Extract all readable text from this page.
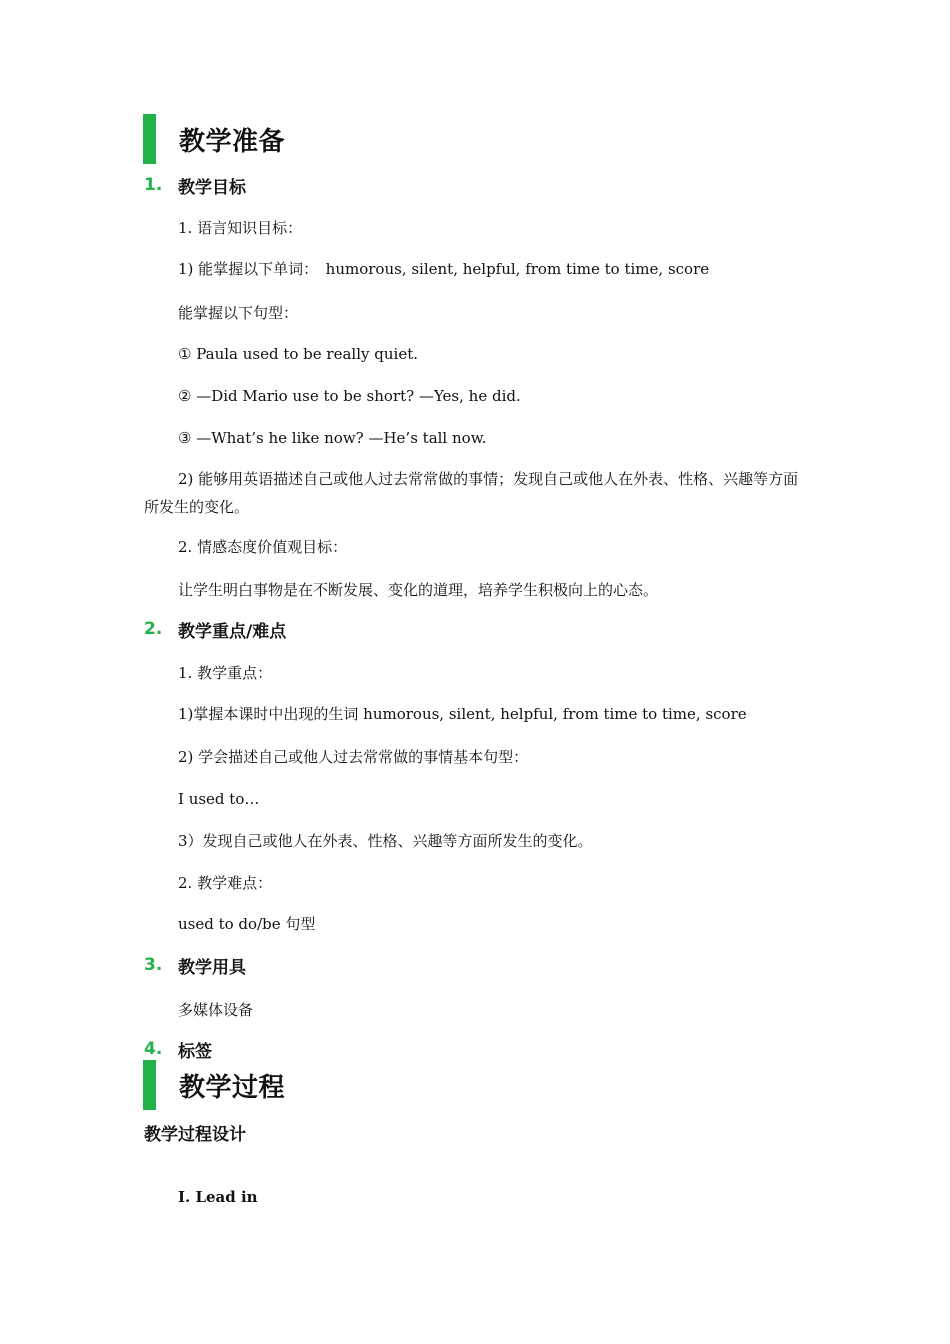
教学准备
1. 教学目标
1. 语言知识目标：
1) 能掌握以下单词：　humorous, silent, helpful, from time to time, score
能掌握以下句型：
① Paula used to be really quiet.
② —Did Mario use to be short? —Yes, he did.
③ —What’s he like now? —He’s tall now.
2) 能够用英语描述自己或他人过去常常做的事情；发现自己或他人在外表、性格、兴趣等方面所发生的变化。
2. 情感态度价值观目标：
让学生明白事物是在不断发展、变化的道理，培养学生积极向上的心态。
2. 教学重点/难点
1. 教学重点：
1)掌握本课时中出现的生词 humorous, silent, helpful, from time to time, score
2) 学会描述自己或他人过去常常做的事情基本句型：
I used to…
3）发现自己或他人在外表、性格、兴趣等方面所发生的变化。
2. 教学难点：
used to do/be 句型
3. 教学用具
多媒体设备
4. 标签
教学过程
教学过程设计
Ⅰ. Lead in
